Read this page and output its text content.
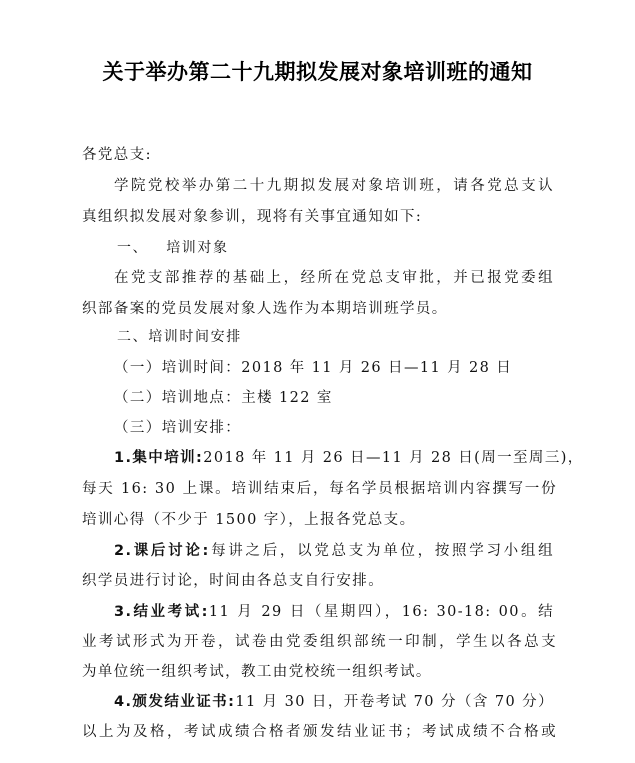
关于举办第二十九期拟发展对象培训班的通知
各党总支:
学院党校举办第二十九期拟发展对象培训班，请各党总支认
真组织拟发展对象参训，现将有关事宜通知如下:
一、 培训对象
在党支部推荐的基础上，经所在党总支审批，并已报党委组
织部备案的党员发展对象人选作为本期培训班学员。
二、培训时间安排
（一）培训时间：2018 年 11 月 26 日—11 月 28 日
（二）培训地点：主楼 122 室
（三）培训安排：
1.集中培训:2018 年 11 月 26 日—11 月 28 日(周一至周三)，
每天 16: 30 上课。培训结束后，每名学员根据培训内容撰写一份
培训心得（不少于 1500 字），上报各党总支。
2.课后讨论:每讲之后，以党总支为单位，按照学习小组组
织学员进行讨论，时间由各总支自行安排。
3.结业考试:11 月 29 日（星期四），16: 30-18: 00。结
业考试形式为开卷，试卷由党委组织部统一印制，学生以各总支
为单位统一组织考试，教工由党校统一组织考试。
4.颁发结业证书:11 月 30 日，开卷考试 70 分（含 70 分）
以上为及格，考试成绩合格者颁发结业证书；考试成绩不合格或
